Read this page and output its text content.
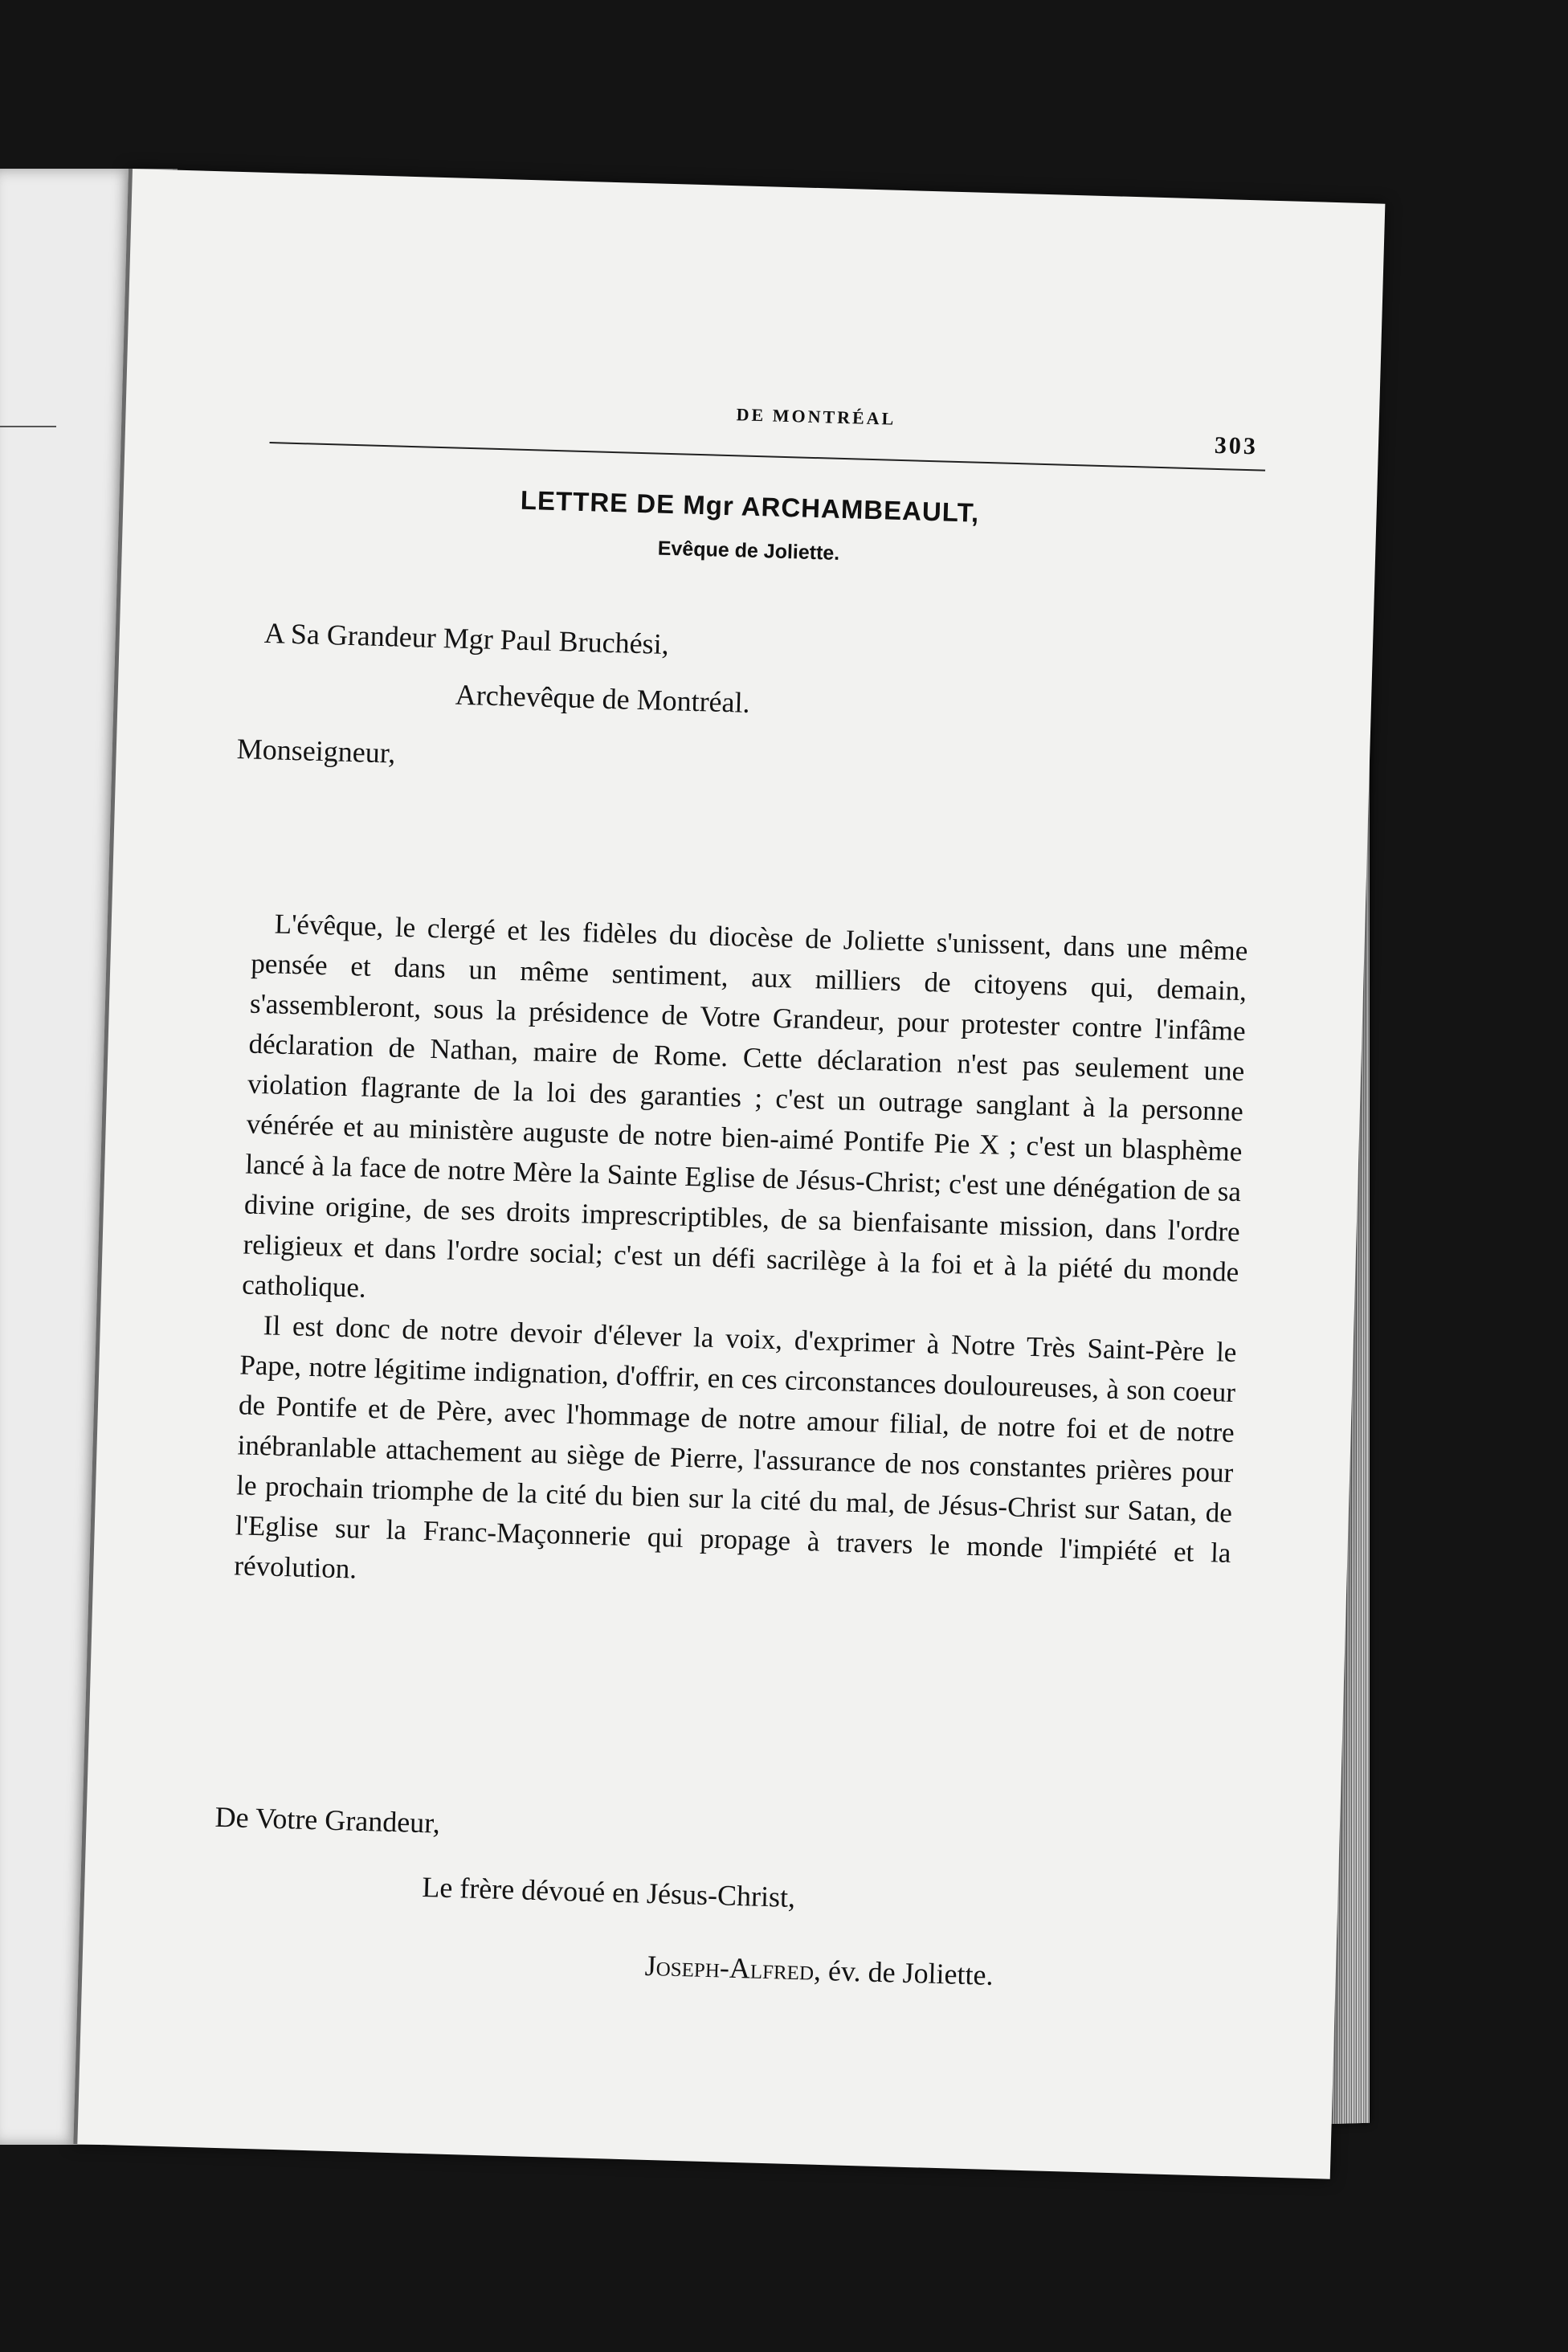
DE MONTRÉAL
303
LETTRE DE Mgr ARCHAMBEAULT,
Evêque de Joliette.
A Sa Grandeur Mgr Paul Bruchési,
Archevêque de Montréal.
Monseigneur,

L'évêque, le clergé et les fidèles du diocèse de Joliette s'unissent, dans une même pensée et dans un même sentiment, aux milliers de citoyens qui, demain, s'assembleront, sous la présidence de Votre Grandeur, pour protester contre l'infâme déclaration de Nathan, maire de Rome. Cette déclaration n'est pas seulement une violation flagrante de la loi des garanties ; c'est un outrage sanglant à la personne vénérée et au ministère auguste de notre bien-aimé Pontife Pie X ; c'est un blasphème lancé à la face de notre Mère la Sainte Eglise de Jésus-Christ; c'est une dénégation de sa divine origine, de ses droits imprescriptibles, de sa bienfaisante mission, dans l'ordre religieux et dans l'ordre social; c'est un défi sacrilège à la foi et à la piété du monde catholique.

Il est donc de notre devoir d'élever la voix, d'exprimer à Notre Très Saint-Père le Pape, notre légitime indignation, d'offrir, en ces circonstances douloureuses, à son coeur de Pontife et de Père, avec l'hommage de notre amour filial, de notre foi et de notre inébranlable attachement au siège de Pierre, l'assurance de nos constantes prières pour le prochain triomphe de la cité du bien sur la cité du mal, de Jésus-Christ sur Satan, de l'Eglise sur la Franc-Maçonnerie qui propage à travers le monde l'impiété et la révolution.

De Votre Grandeur,
Le frère dévoué en Jésus-Christ,
Joseph-Alfred, év. de Joliette.
